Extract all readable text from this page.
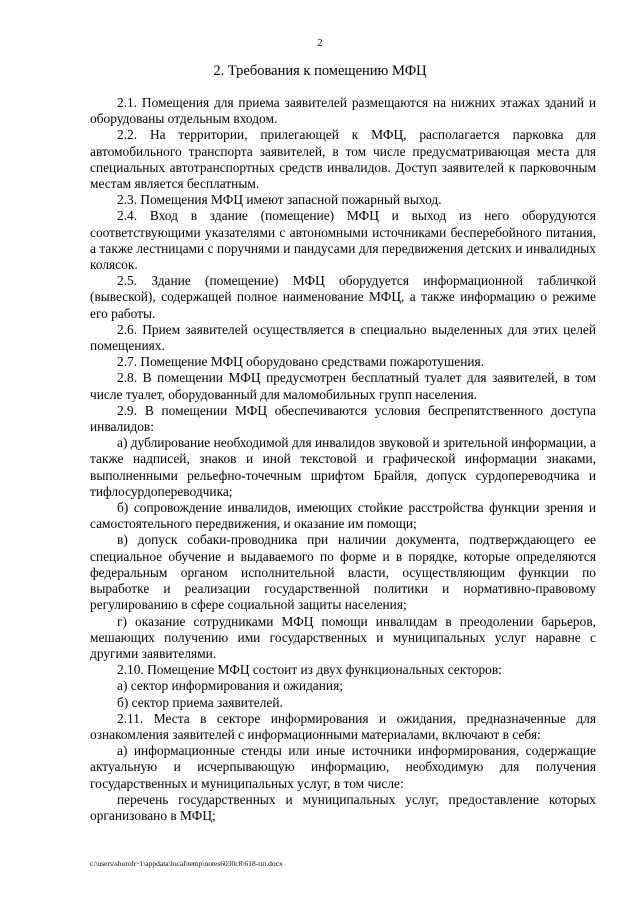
2
2. Требования к помещению МФЦ

2.1. Помещения для приема заявителей размещаются на нижних этажах зданий и оборудованы отдельным входом.

2.2. На территории, прилегающей к МФЦ, располагается парковка для автомобильного транспорта заявителей, в том числе предусматривающая места для специальных автотранспортных средств инвалидов. Доступ заявителей к парковочным местам является бесплатным.

2.3. Помещения МФЦ имеют запасной пожарный выход.

2.4. Вход в здание (помещение) МФЦ и выход из него оборудуются соответствующими указателями с автономными источниками бесперебойного питания, а также лестницами с поручнями и пандусами для передвижения детских и инвалидных колясок.

2.5. Здание (помещение) МФЦ оборудуется информационной табличкой (вывеской), содержащей полное наименование МФЦ, а также информацию о режиме его работы.

2.6. Прием заявителей осуществляется в специально выделенных для этих целей помещениях.

2.7. Помещение МФЦ оборудовано средствами пожаротушения.

2.8. В помещении МФЦ предусмотрен бесплатный туалет для заявителей, в том числе туалет, оборудованный для маломобильных групп населения.

2.9. В помещении МФЦ обеспечиваются условия беспрепятственного доступа инвалидов:

а) дублирование необходимой для инвалидов звуковой и зрительной информации, а также надписей, знаков и иной текстовой и графической информации знаками, выполненными рельефно-точечным шрифтом Брайля, допуск сурдопереводчика и тифлосурдопереводчика;

б) сопровождение инвалидов, имеющих стойкие расстройства функции зрения и самостоятельного передвижения, и оказание им помощи;

в) допуск собаки-проводника при наличии документа, подтверждающего ее специальное обучение и выдаваемого по форме и в порядке, которые определяются федеральным органом исполнительной власти, осуществляющим функции по выработке и реализации государственной политики и нормативно-правовому регулированию в сфере социальной защиты населения;

г) оказание сотрудниками МФЦ помощи инвалидам в преодолении барьеров, мешающих получению ими государственных и муниципальных услуг наравне с другими заявителями.

2.10. Помещение МФЦ состоит из двух функциональных секторов:

а) сектор информирования и ожидания;

б) сектор приема заявителей.

2.11. Места в секторе информирования и ожидания, предназначенные для ознакомления заявителей с информационными материалами, включают в себя:

а) информационные стенды или иные источники информирования, содержащие актуальную и исчерпывающую информацию, необходимую для получения государственных и муниципальных услуг, в том числе:

перечень государственных и муниципальных услуг, предоставление которых организовано в МФЦ;

c:\users\shoroh~1\appdata\local\temp\notes6030c8\618-пп.docx
